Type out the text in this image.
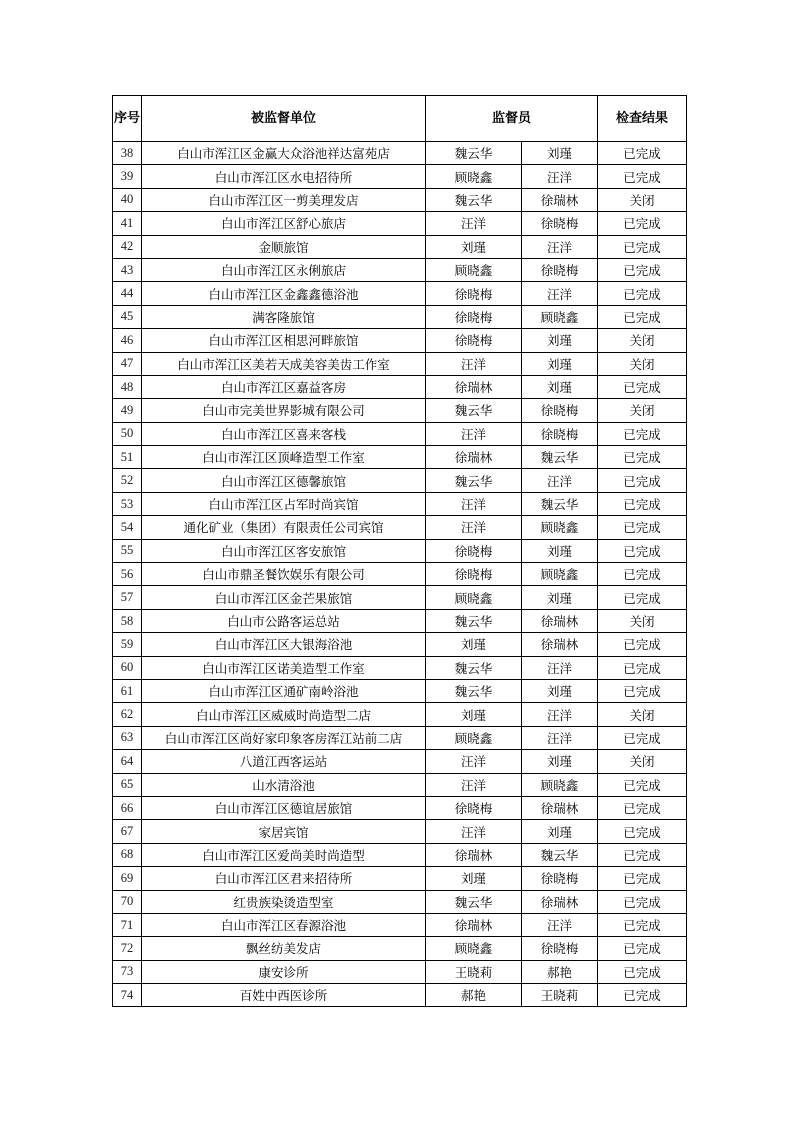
序号	被监督单位	监督员		检查结果
38	白山市浑江区金赢大众浴池祥达富苑店	魏云华	刘瑾	已完成
39	白山市浑江区水电招待所	顾晓鑫	汪洋	已完成
40	白山市浑江区一剪美理发店	魏云华	徐瑞林	关闭
41	白山市浑江区舒心旅店	汪洋	徐晓梅	已完成
42	金顺旅馆	刘瑾	汪洋	已完成
43	白山市浑江区永俐旅店	顾晓鑫	徐晓梅	已完成
44	白山市浑江区金鑫鑫德浴池	徐晓梅	汪洋	已完成
45	满客隆旅馆	徐晓梅	顾晓鑫	已完成
46	白山市浑江区相思河畔旅馆	徐晓梅	刘瑾	关闭
47	白山市浑江区美若天成美容美齿工作室	汪洋	刘瑾	关闭
48	白山市浑江区嘉益客房	徐瑞林	刘瑾	已完成
49	白山市完美世界影城有限公司	魏云华	徐晓梅	关闭
50	白山市浑江区喜来客栈	汪洋	徐晓梅	已完成
51	白山市浑江区顶峰造型工作室	徐瑞林	魏云华	已完成
52	白山市浑江区德馨旅馆	魏云华	汪洋	已完成
53	白山市浑江区占军时尚宾馆	汪洋	魏云华	已完成
54	通化矿业（集团）有限责任公司宾馆	汪洋	顾晓鑫	已完成
55	白山市浑江区客安旅馆	徐晓梅	刘瑾	已完成
56	白山市鼎圣餐饮娱乐有限公司	徐晓梅	顾晓鑫	已完成
57	白山市浑江区金芒果旅馆	顾晓鑫	刘瑾	已完成
58	白山市公路客运总站	魏云华	徐瑞林	关闭
59	白山市浑江区大银海浴池	刘瑾	徐瑞林	已完成
60	白山市浑江区诺美造型工作室	魏云华	汪洋	已完成
61	白山市浑江区通矿南岭浴池	魏云华	刘瑾	已完成
62	白山市浑江区威威时尚造型二店	刘瑾	汪洋	关闭
63	白山市浑江区尚好家印象客房浑江站前二店	顾晓鑫	汪洋	已完成
64	八道江西客运站	汪洋	刘瑾	关闭
65	山水清浴池	汪洋	顾晓鑫	已完成
66	白山市浑江区德谊居旅馆	徐晓梅	徐瑞林	已完成
67	家居宾馆	汪洋	刘瑾	已完成
68	白山市浑江区爱尚美时尚造型	徐瑞林	魏云华	已完成
69	白山市浑江区君来招待所	刘瑾	徐晓梅	已完成
70	红贵族染烫造型室	魏云华	徐瑞林	已完成
71	白山市浑江区春源浴池	徐瑞林	汪洋	已完成
72	飘丝纺美发店	顾晓鑫	徐晓梅	已完成
73	康安诊所	王晓莉	郝艳	已完成
74	百姓中西医诊所	郝艳	王晓莉	已完成
